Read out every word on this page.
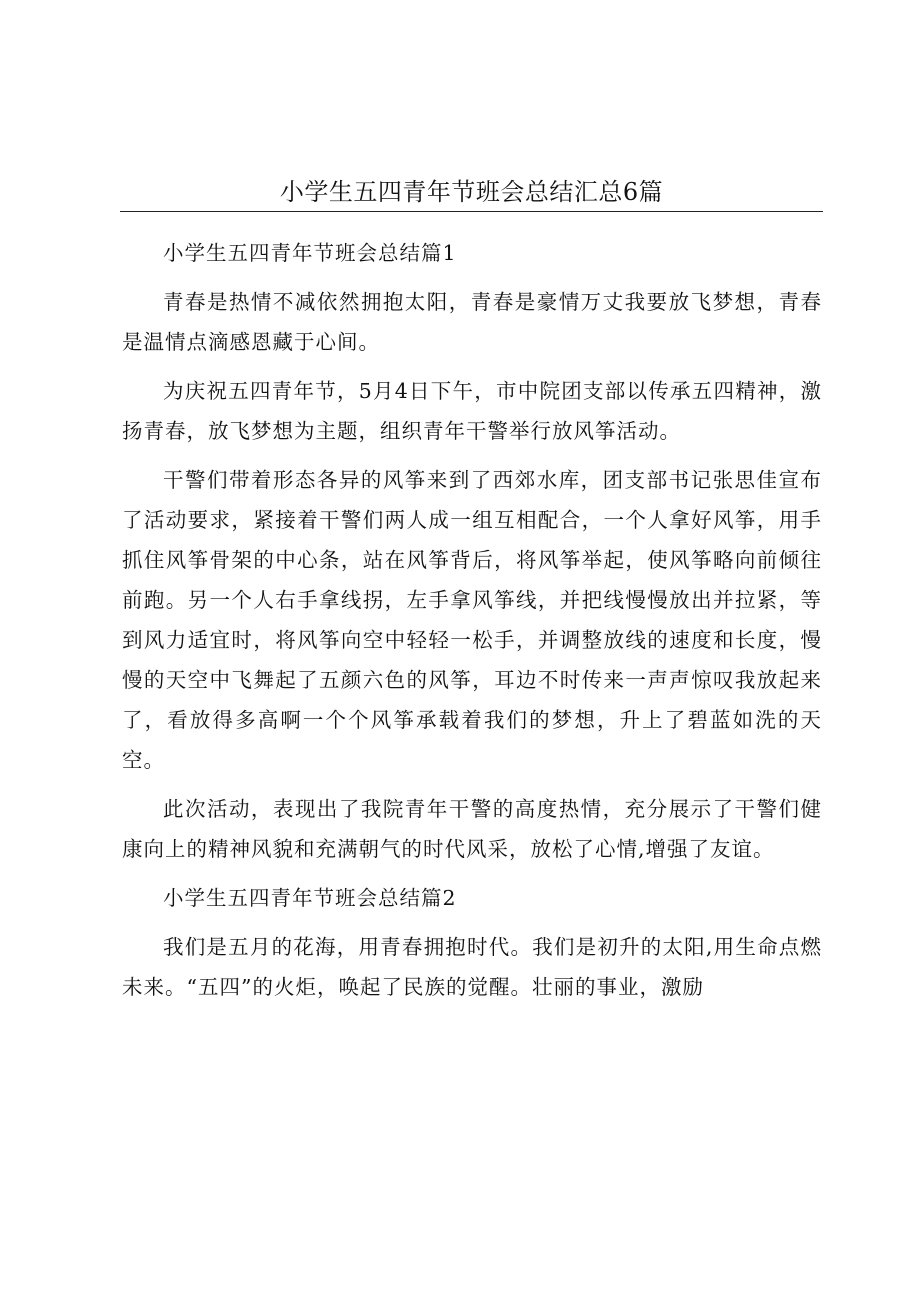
小学生五四青年节班会总结汇总6篇
小学生五四青年节班会总结篇1

青春是热情不减依然拥抱太阳，青春是豪情万丈我要放飞梦想，青春是温情点滴感恩藏于心间。

为庆祝五四青年节，5月4日下午，市中院团支部以传承五四精神，激扬青春，放飞梦想为主题，组织青年干警举行放风筝活动。

干警们带着形态各异的风筝来到了西郊水库，团支部书记张思佳宣布了活动要求，紧接着干警们两人成一组互相配合，一个人拿好风筝，用手抓住风筝骨架的中心条，站在风筝背后，将风筝举起，使风筝略向前倾往前跑。另一个人右手拿线拐，左手拿风筝线，并把线慢慢放出并拉紧，等到风力适宜时，将风筝向空中轻轻一松手，并调整放线的速度和长度，慢慢的天空中飞舞起了五颜六色的风筝，耳边不时传来一声声惊叹我放起来了，看放得多高啊一个个风筝承载着我们的梦想，升上了碧蓝如洗的天空。

此次活动，表现出了我院青年干警的高度热情，充分展示了干警们健康向上的精神风貌和充满朝气的时代风采，放松了心情,增强了友谊。

小学生五四青年节班会总结篇2

我们是五月的花海，用青春拥抱时代。我们是初升的太阳,用生命点燃未来。“五四”的火炬，唤起了民族的觉醒。壮丽的事业，激励
